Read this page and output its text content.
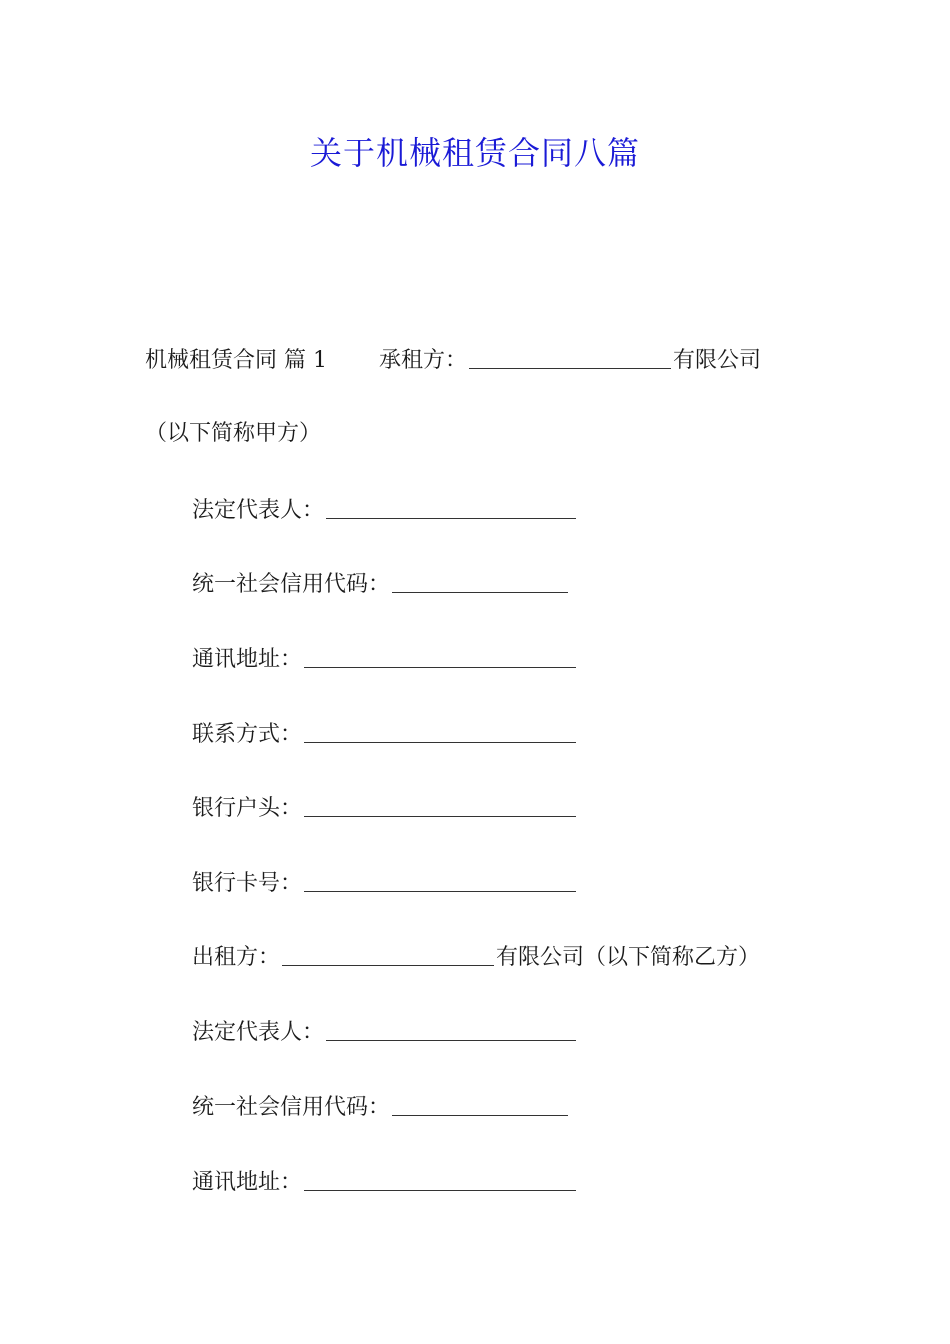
关于机械租赁合同八篇
机械租赁合同 篇 1 承租方：	有限公司
（以下简称甲方）
法定代表人：
统一社会信用代码：
通讯地址：
联系方式：
银行户头：
银行卡号：
出租方：	有限公司（以下简称乙方）
法定代表人：
统一社会信用代码：
通讯地址：
